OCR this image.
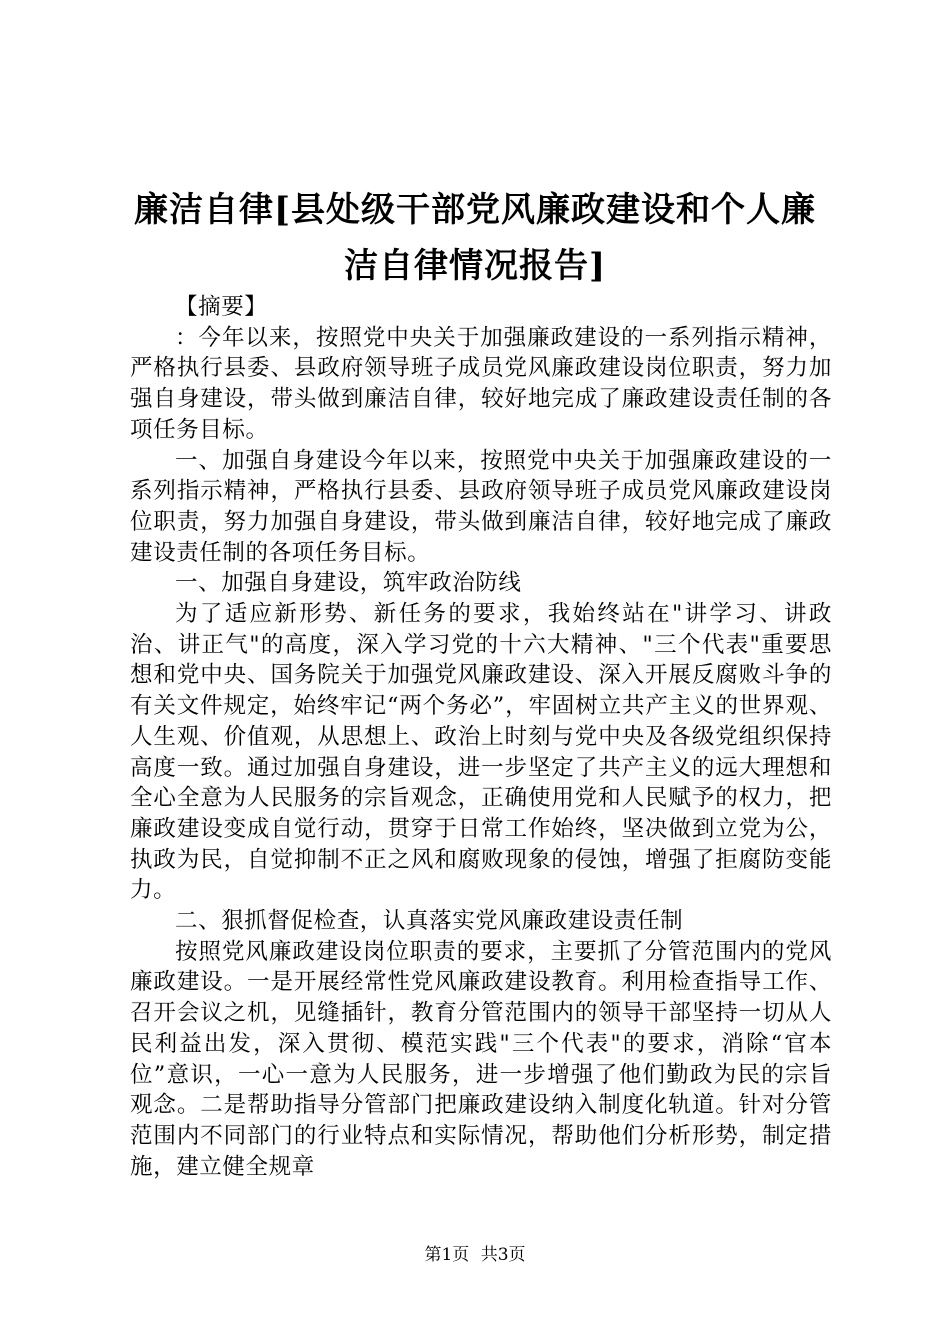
廉洁自律[县处级干部党风廉政建设和个人廉
洁自律情况报告]

【摘要】

：今年以来，按照党中央关于加强廉政建设的一系列指示精神，严格执行县委、县政府领导班子成员党风廉政建设岗位职责，努力加强自身建设，带头做到廉洁自律，较好地完成了廉政建设责任制的各项任务目标。

一、加强自身建设今年以来，按照党中央关于加强廉政建设的一系列指示精神，严格执行县委、县政府领导班子成员党风廉政建设岗位职责，努力加强自身建设，带头做到廉洁自律，较好地完成了廉政建设责任制的各项任务目标。

一、加强自身建设，筑牢政治防线

为了适应新形势、新任务的要求，我始终站在"讲学习、讲政治、讲正气"的高度，深入学习党的十六大精神、"三个代表"重要思想和党中央、国务院关于加强党风廉政建设、深入开展反腐败斗争的有关文件规定，始终牢记“两个务必”，牢固树立共产主义的世界观、人生观、价值观，从思想上、政治上时刻与党中央及各级党组织保持高度一致。通过加强自身建设，进一步坚定了共产主义的远大理想和全心全意为人民服务的宗旨观念，正确使用党和人民赋予的权力，把廉政建设变成自觉行动，贯穿于日常工作始终，坚决做到立党为公，执政为民，自觉抑制不正之风和腐败现象的侵蚀，增强了拒腐防变能力。

二、狠抓督促检查，认真落实党风廉政建设责任制

按照党风廉政建设岗位职责的要求，主要抓了分管范围内的党风廉政建设。一是开展经常性党风廉政建设教育。利用检查指导工作、召开会议之机，见缝插针，教育分管范围内的领导干部坚持一切从人民利益出发，深入贯彻、模范实践"三个代表"的要求，消除“官本位”意识，一心一意为人民服务，进一步增强了他们勤政为民的宗旨观念。二是帮助指导分管部门把廉政建设纳入制度化轨道。针对分管范围内不同部门的行业特点和实际情况，帮助他们分析形势，制定措施，建立健全规章

第1页 共3页
